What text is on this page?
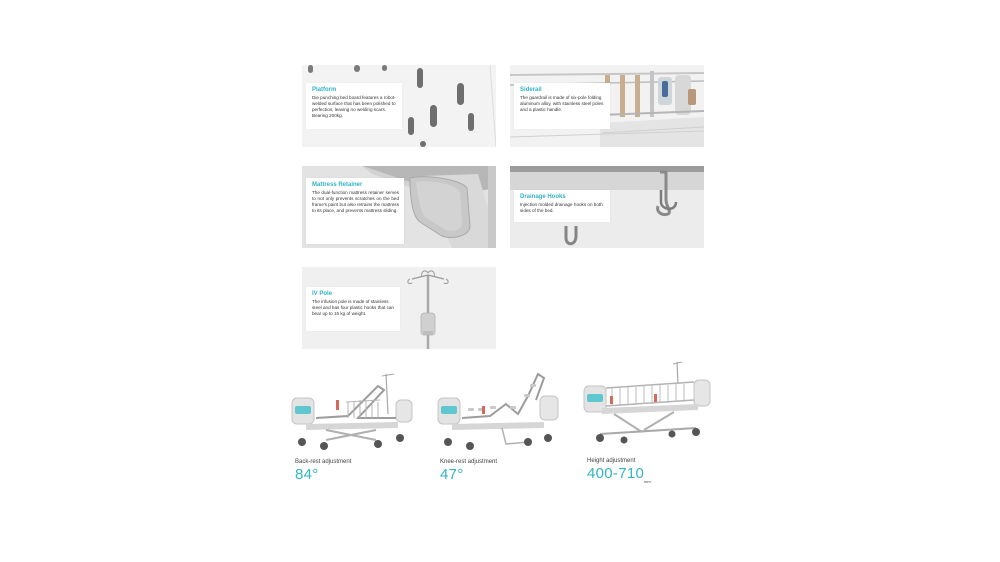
Platform
Die punching bed board features a robot-welded surface that has been polished to perfection, leaving no welding scars. Bearing 200kg.
Siderail
The guardrail is made of six-pole folding aluminum alloy, with stainless steel poles and a plastic handle.
Mattress Retainer
The dual-function mattress retainer serves to not only prevents scratches on the bed frame's paint but also retrains the mattress to its place, and prevents mattress sliding.
Drainage Hooks
Injection molded drainage hooks on both sides of the bed.
IV Pole
The infusion pole is made of stainless steel and has four plastic hooks that can bear up to 15 kg of weight.
Back-rest adjustment
84°
Knee-rest adjustment
47°
Height adjustment
400-710 mm
